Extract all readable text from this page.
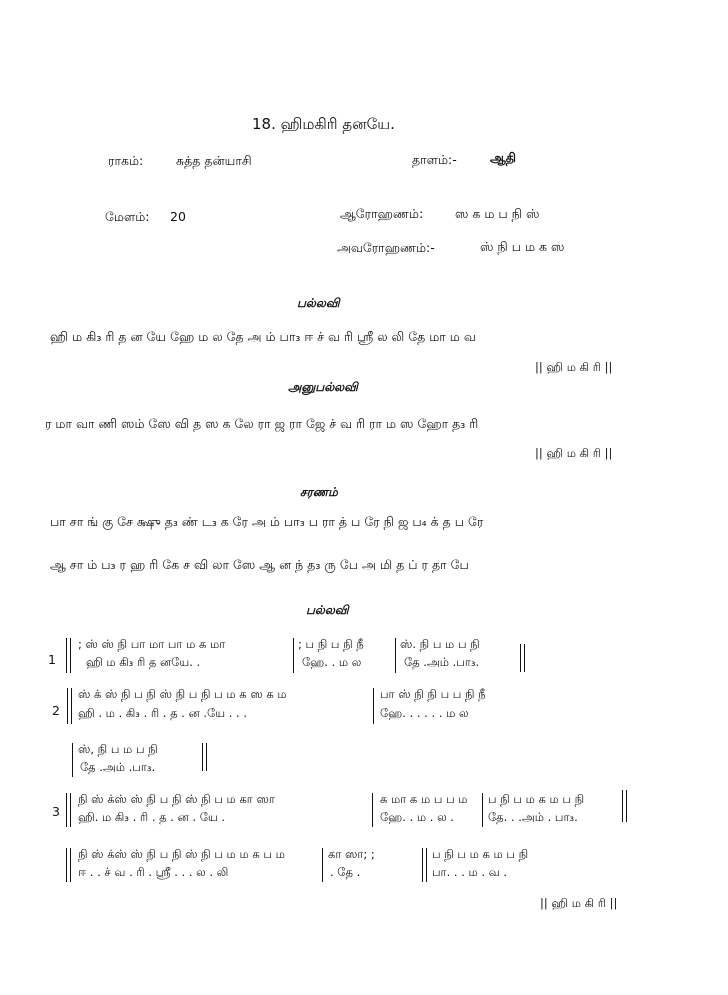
18. ஹிமகிரி தனயே.
ராகம்:	சுத்த தன்யாசி	தாளம்:-	ஆதி
மேளம்: 20	ஆரோஹணம்:	ஸ க ம ப நி ஸ்
அவரோஹணம்:-	ஸ் நி ப ம க ஸ
பல்லவி
ஹி ம கி₃ ரி த ன யே ஹே ம ல தே அ ம் பா₃ ஈ ச் வ ரி ஸ்ரீ ல லி தே மா ம வ
|| ஹி ம கி ரி ||
அனுபல்லவி
ர மா வா ணி ஸம் ஸே வி த ஸ க லே ரா ஜ ரா ஜே ச் வ ரி ரா ம ஸ ஹோ த₃ ரி
|| ஹி ம கி ரி ||
சரணம்
பா சா ங் கு சே க்ஷு த₃ ண் ட₃ க ரே அ ம் பா₃ ப ரா த் ப ரே நி ஜ ப₄ க் த ப ரே
ஆ சா ம் ப₃ ர ஹ ரி கே ச வி லா ஸே ஆ ன ந் த₃ ரு பே அ மி த ப் ர தா பே
பல்லவி
1
; ஸ் ஸ் நி பா மா பா ம க மா
ஹி ம கி₃ ரி த னயே. .
; ப நி ப நி நீ
ஹே. . ம ல
ஸ். நி ப ம ப நி
தே .அம் .பா₃.
2
ஸ் க் ஸ் நி ப நி ஸ் நி ப நி ப ம க ஸ க ம
ஹி . ம . கி₃ . ரி . த . ன .யே . . .
பா ஸ் நி நி ப ப நி நீ
ஹே. . . . . . ம ல
ஸ், நி ப ம ப நி
தே .அம் .பா₃.
3
நி ஸ் க்ஸ் ஸ் நி ப நி ஸ் நி ப ம கா ஸா
ஹி. ம கி₃ . ரி . த . ன . யே .
க மா க ம ப ப ம
ஹே. . ம . ல .
ப நி ப ம க ம ப நி
தே. . .அம் . பா₃.
நி ஸ் க்ஸ் ஸ் நி ப நி ஸ் நி ப ம ம க ப ம
ஈ . . ச் வ . ரி . ஸ்ரீ . . . ல . லி
கா ஸா; ;
. தே .
ப நி ப ம க ம ப நி
பா. . . ம . வ .
|| ஹி ம கி ரி ||
